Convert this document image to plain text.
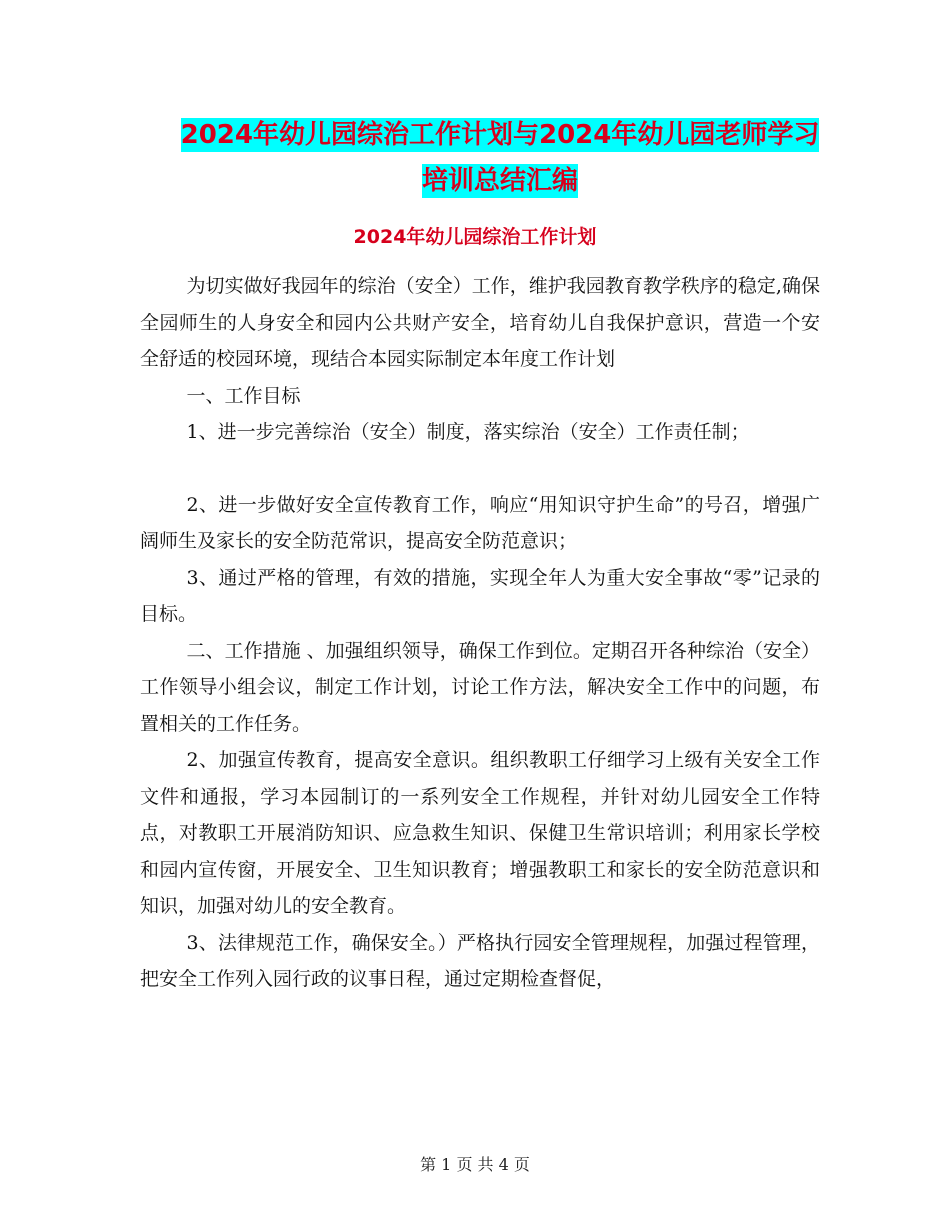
2024年幼儿园综治工作计划与2024年幼儿园老师学习
培训总结汇编
2024年幼儿园综治工作计划

为切实做好我园年的综治（安全）工作，维护我园教育教学秩序的稳定,确保全园师生的人身安全和园内公共财产安全，培育幼儿自我保护意识，营造一个安全舒适的校园环境，现结合本园实际制定本年度工作计划

一、工作目标

1、进一步完善综治（安全）制度，落实综治（安全）工作责任制；

2、进一步做好安全宣传教育工作，响应“用知识守护生命”的号召，增强广阔师生及家长的安全防范常识，提高安全防范意识；

3、通过严格的管理，有效的措施，实现全年人为重大安全事故“零”记录的目标。

二、工作措施 、加强组织领导，确保工作到位。定期召开各种综治（安全）工作领导小组会议，制定工作计划，讨论工作方法，解决安全工作中的问题，布置相关的工作任务。

2、加强宣传教育，提高安全意识。组织教职工仔细学习上级有关安全工作文件和通报，学习本园制订的一系列安全工作规程，并针对幼儿园安全工作特点，对教职工开展消防知识、应急救生知识、保健卫生常识培训；利用家长学校和园内宣传窗，开展安全、卫生知识教育；增强教职工和家长的安全防范意识和知识，加强对幼儿的安全教育。

3、法律规范工作，确保安全。）严格执行园安全管理规程，加强过程管理，把安全工作列入园行政的议事日程，通过定期检查督促，

第 1 页 共 4 页
